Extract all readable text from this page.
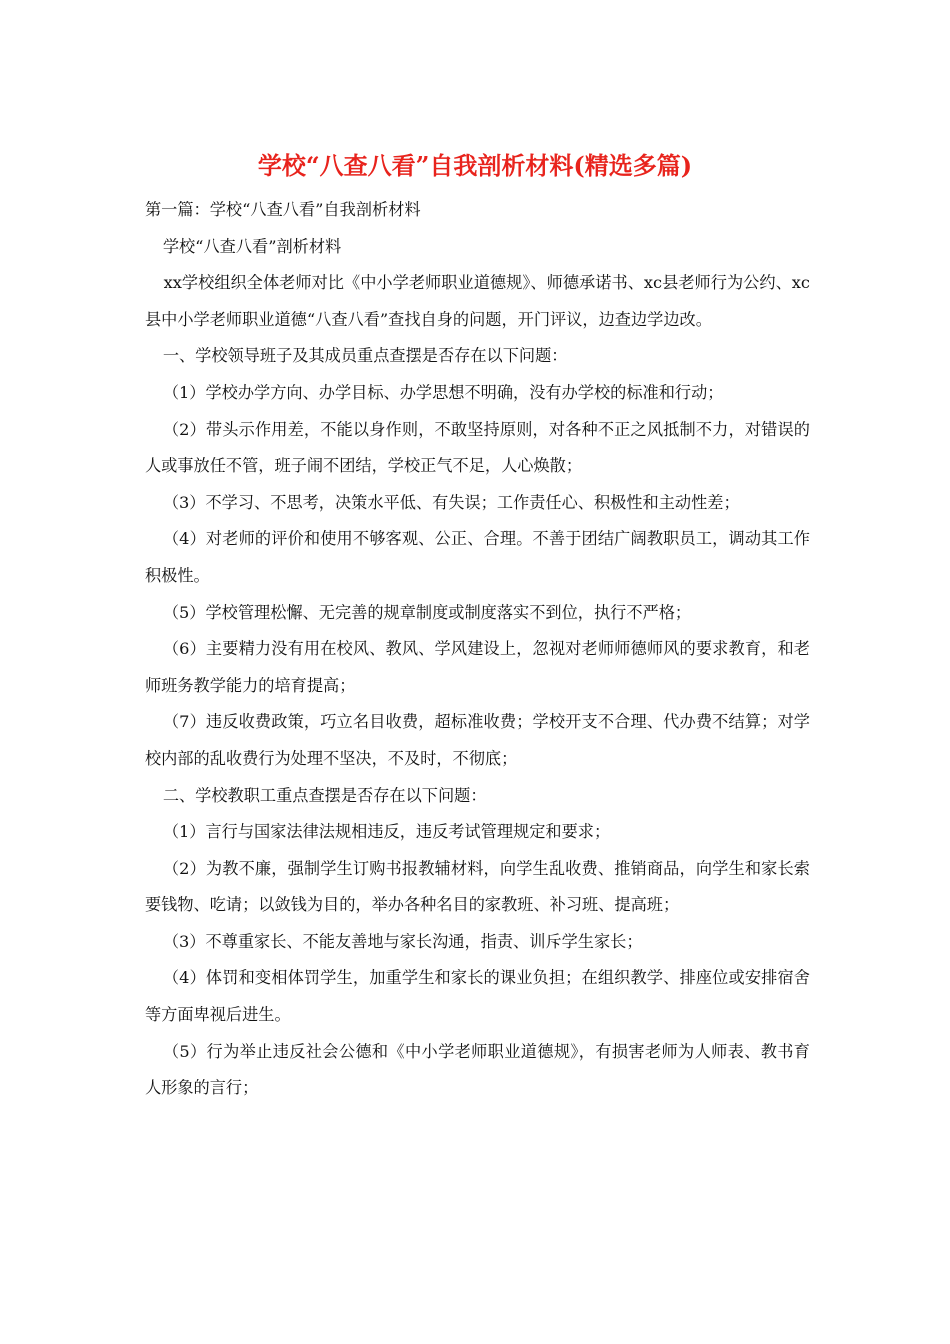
学校“八查八看”自我剖析材料(精选多篇)

第一篇：学校“八查八看”自我剖析材料

学校“八查八看”剖析材料

xx学校组织全体老师对比《中小学老师职业道德规》、师德承诺书、xc县老师行为公约、xc县中小学老师职业道德“八查八看”查找自身的问题，开门评议，边查边学边改。

一、学校领导班子及其成员重点查摆是否存在以下问题：

（1）学校办学方向、办学目标、办学思想不明确，没有办学校的标准和行动；

（2）带头示作用差，不能以身作则，不敢坚持原则，对各种不正之风抵制不力，对错误的人或事放任不管，班子闹不团结，学校正气不足，人心焕散；

（3）不学习、不思考，决策水平低、有失误；工作责任心、积极性和主动性差；

（4）对老师的评价和使用不够客观、公正、合理。不善于团结广阔教职员工，调动其工作积极性。

（5）学校管理松懈、无完善的规章制度或制度落实不到位，执行不严格；

（6）主要精力没有用在校风、教风、学风建设上，忽视对老师师德师风的要求教育，和老师班务教学能力的培育提高；

（7）违反收费政策，巧立名目收费，超标准收费；学校开支不合理、代办费不结算；对学校内部的乱收费行为处理不坚决，不及时，不彻底；

二、学校教职工重点查摆是否存在以下问题：

（1）言行与国家法律法规相违反，违反考试管理规定和要求；

（2）为教不廉，强制学生订购书报教辅材料，向学生乱收费、推销商品，向学生和家长索要钱物、吃请；以敛钱为目的，举办各种名目的家教班、补习班、提高班；

（3）不尊重家长、不能友善地与家长沟通，指责、训斥学生家长；

（4）体罚和变相体罚学生，加重学生和家长的课业负担；在组织教学、排座位或安排宿舍等方面卑视后进生。

（5）行为举止违反社会公德和《中小学老师职业道德规》，有损害老师为人师表、教书育人形象的言行；
